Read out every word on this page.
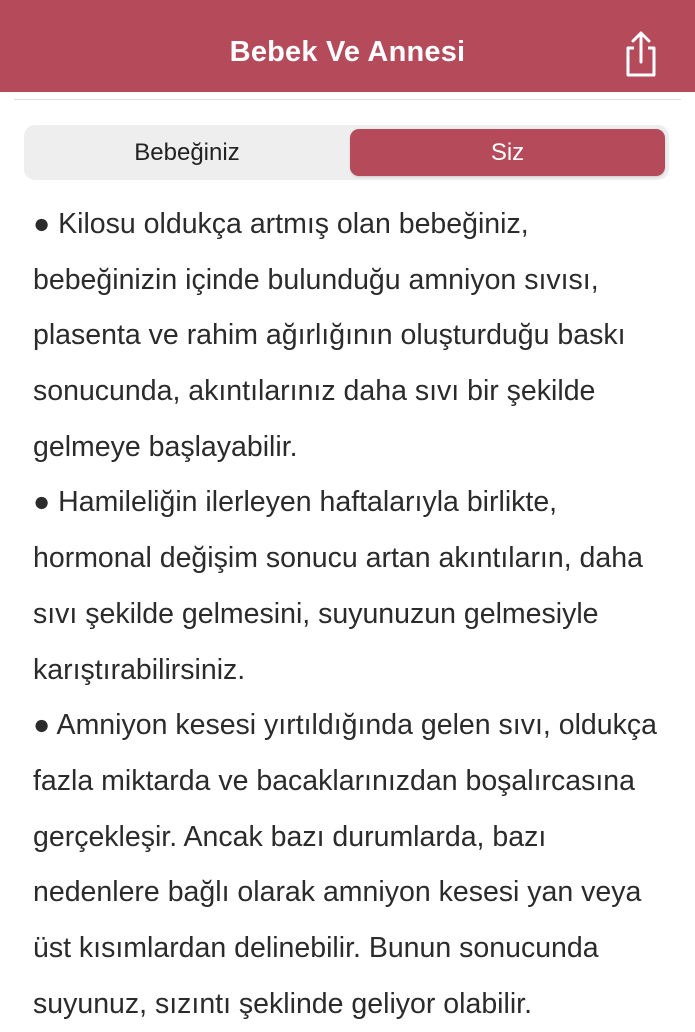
Bebek Ve Annesi
Bebeğiniz	Siz
● Kilosu oldukça artmış olan bebeğiniz,
bebeğinizin içinde bulunduğu amniyon sıvısı,
plasenta ve rahim ağırlığının oluşturduğu baskı
sonucunda, akıntılarınız daha sıvı bir şekilde
gelmeye başlayabilir.
● Hamileliğin ilerleyen haftalarıyla birlikte,
hormonal değişim sonucu artan akıntıların, daha
sıvı şekilde gelmesini, suyunuzun gelmesiyle
karıştırabilirsiniz.
● Amniyon kesesi yırtıldığında gelen sıvı, oldukça
fazla miktarda ve bacaklarınızdan boşalırcasına
gerçekleşir. Ancak bazı durumlarda, bazı
nedenlere bağlı olarak amniyon kesesi yan veya
üst kısımlardan delinebilir. Bunun sonucunda
suyunuz, sızıntı şeklinde geliyor olabilir.
